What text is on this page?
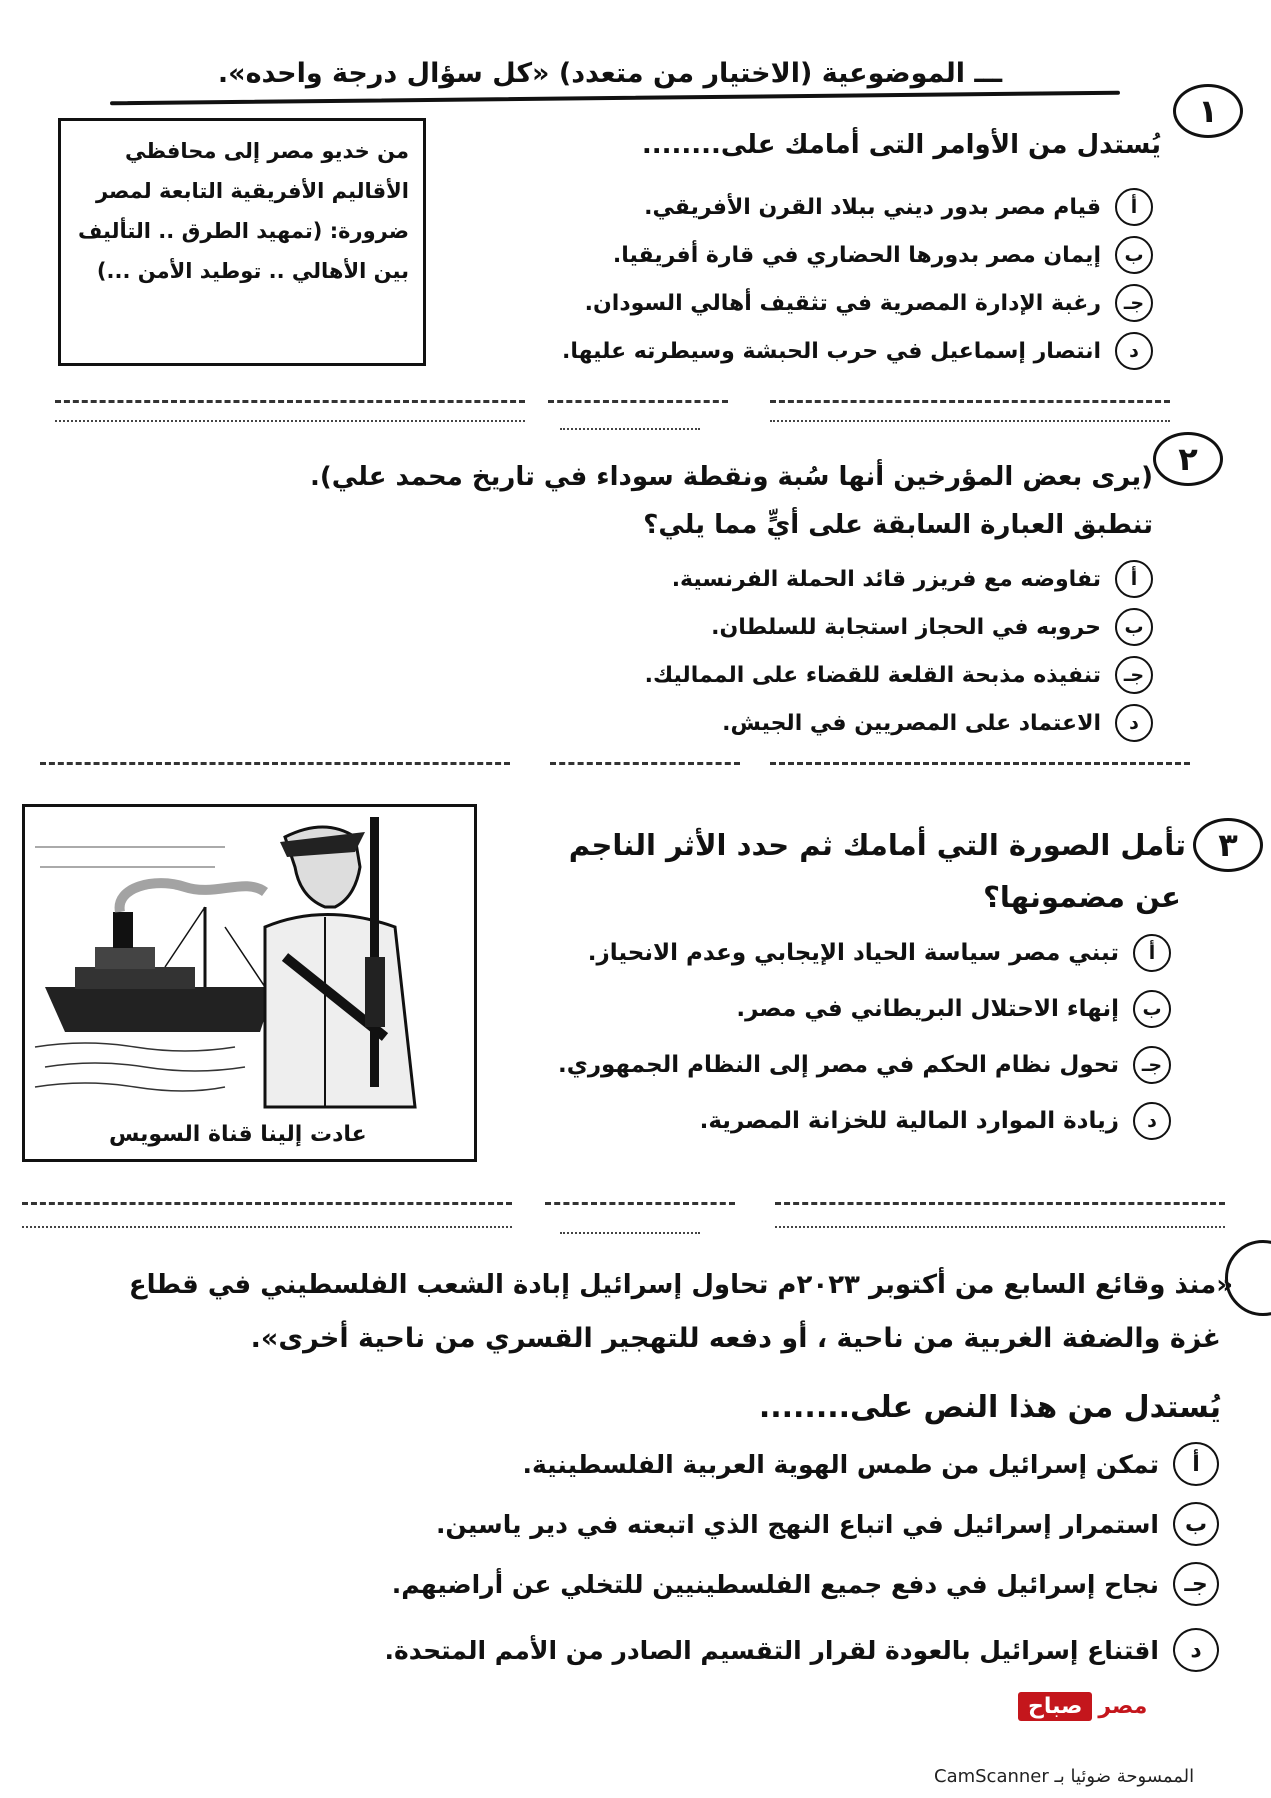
ـــ الموضوعية (الاختيار من متعدد) «كل سؤال درجة واحده».
١
يُستدل من الأوامر التى أمامك على........
من خديو مصر إلى محافظي الأقاليم الأفريقية التابعة لمصر ضرورة: (تمهيد الطرق .. التأليف بين الأهالي .. توطيد الأمن ...)
أ
قيام مصر بدور ديني ببلاد القرن الأفريقي.
ب
إيمان مصر بدورها الحضاري في قارة أفريقيا.
جـ
رغبة الإدارة المصرية في تثقيف أهالي السودان.
د
انتصار إسماعيل في حرب الحبشة وسيطرته عليها.
٢
(يرى بعض المؤرخين أنها سُبة ونقطة سوداء في تاريخ محمد علي).
تنطبق العبارة السابقة على أيٍّ مما يلي؟
أ
تفاوضه مع فريزر قائد الحملة الفرنسية.
ب
حروبه في الحجاز استجابة للسلطان.
جـ
تنفيذه مذبحة القلعة للقضاء على المماليك.
د
الاعتماد على المصريين في الجيش.
٣
تأمل الصورة التي أمامك ثم حدد الأثر الناجم
عن مضمونها؟
عادت إلينا قناة السويس
أ
تبني مصر سياسة الحياد الإيجابي وعدم الانحياز.
ب
إنهاء الاحتلال البريطاني في مصر.
جـ
تحول نظام الحكم في مصر إلى النظام الجمهوري.
د
زيادة الموارد المالية للخزانة المصرية.
«منذ وقائع السابع من أكتوبر ٢٠٢٣م تحاول إسرائيل إبادة الشعب الفلسطيني في قطاع
غزة والضفة الغربية من ناحية ، أو دفعه للتهجير القسري من ناحية أخرى».
يُستدل من هذا النص على........
أ
تمكن إسرائيل من طمس الهوية العربية الفلسطينية.
ب
استمرار إسرائيل في اتباع النهج الذي اتبعته في دير ياسين.
جـ
نجاح إسرائيل في دفع جميع الفلسطينيين للتخلي عن أراضيهم.
د
اقتناع إسرائيل بالعودة لقرار التقسيم الصادر من الأمم المتحدة.
مصر
صباح
الممسوحة ضوئيا بـ CamScanner
